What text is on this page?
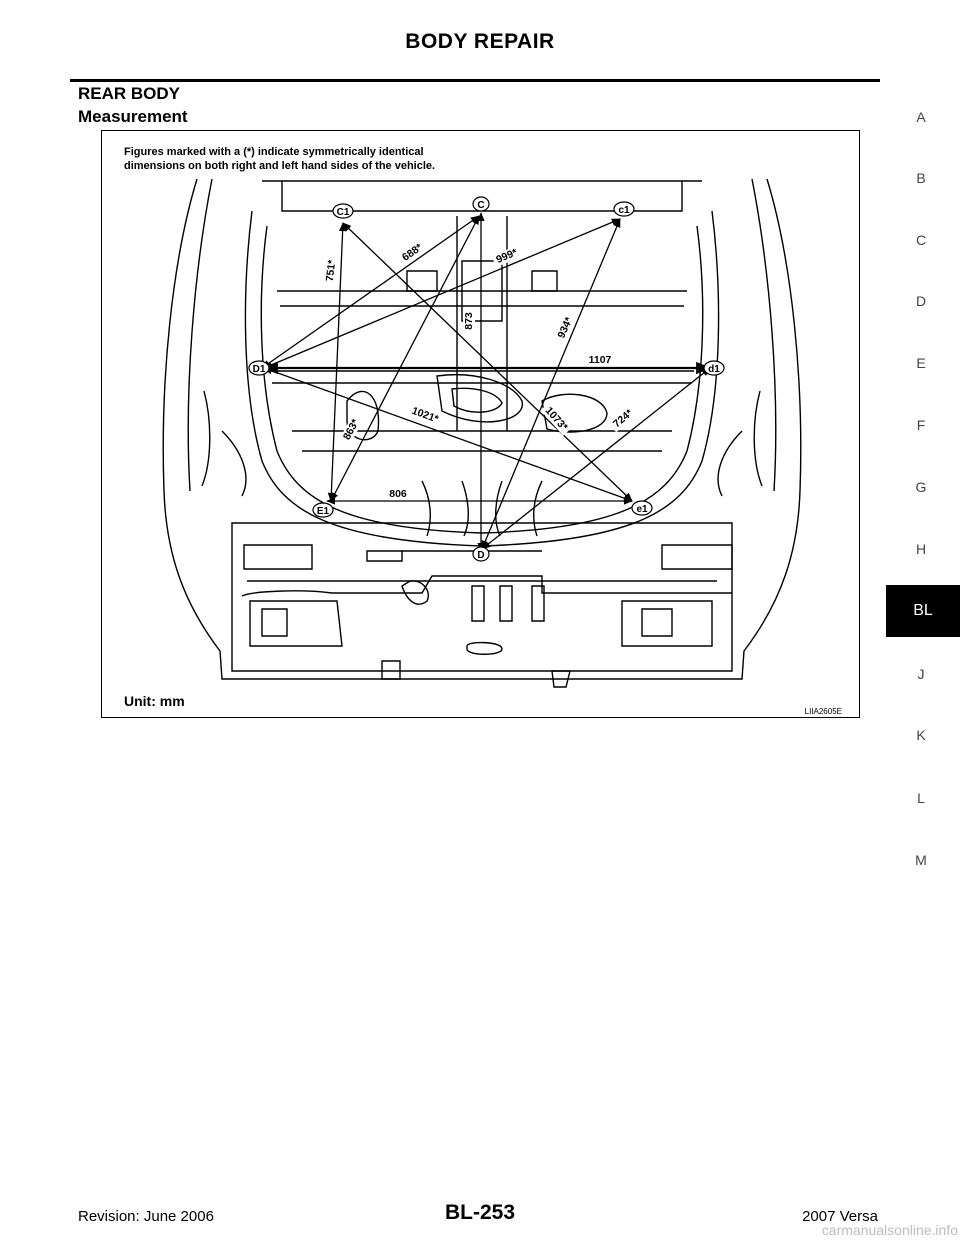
BODY REPAIR
REAR BODY
Measurement
Figures marked with a (*) indicate symmetrically identical
dimensions on both right and left hand sides of the vehicle.
C1
C	c1
D1	d1
E1	e1
D
751*
688*	999*
873	934*
1107
1021*
863*	1073*	724*
806
Unit: mm
LIIA2605E
A
B
C
D
E
F
G
H
BL
J
K
L
M
Revision: June 2006	BL-253	2007 Versa
carmanualsonline.info
